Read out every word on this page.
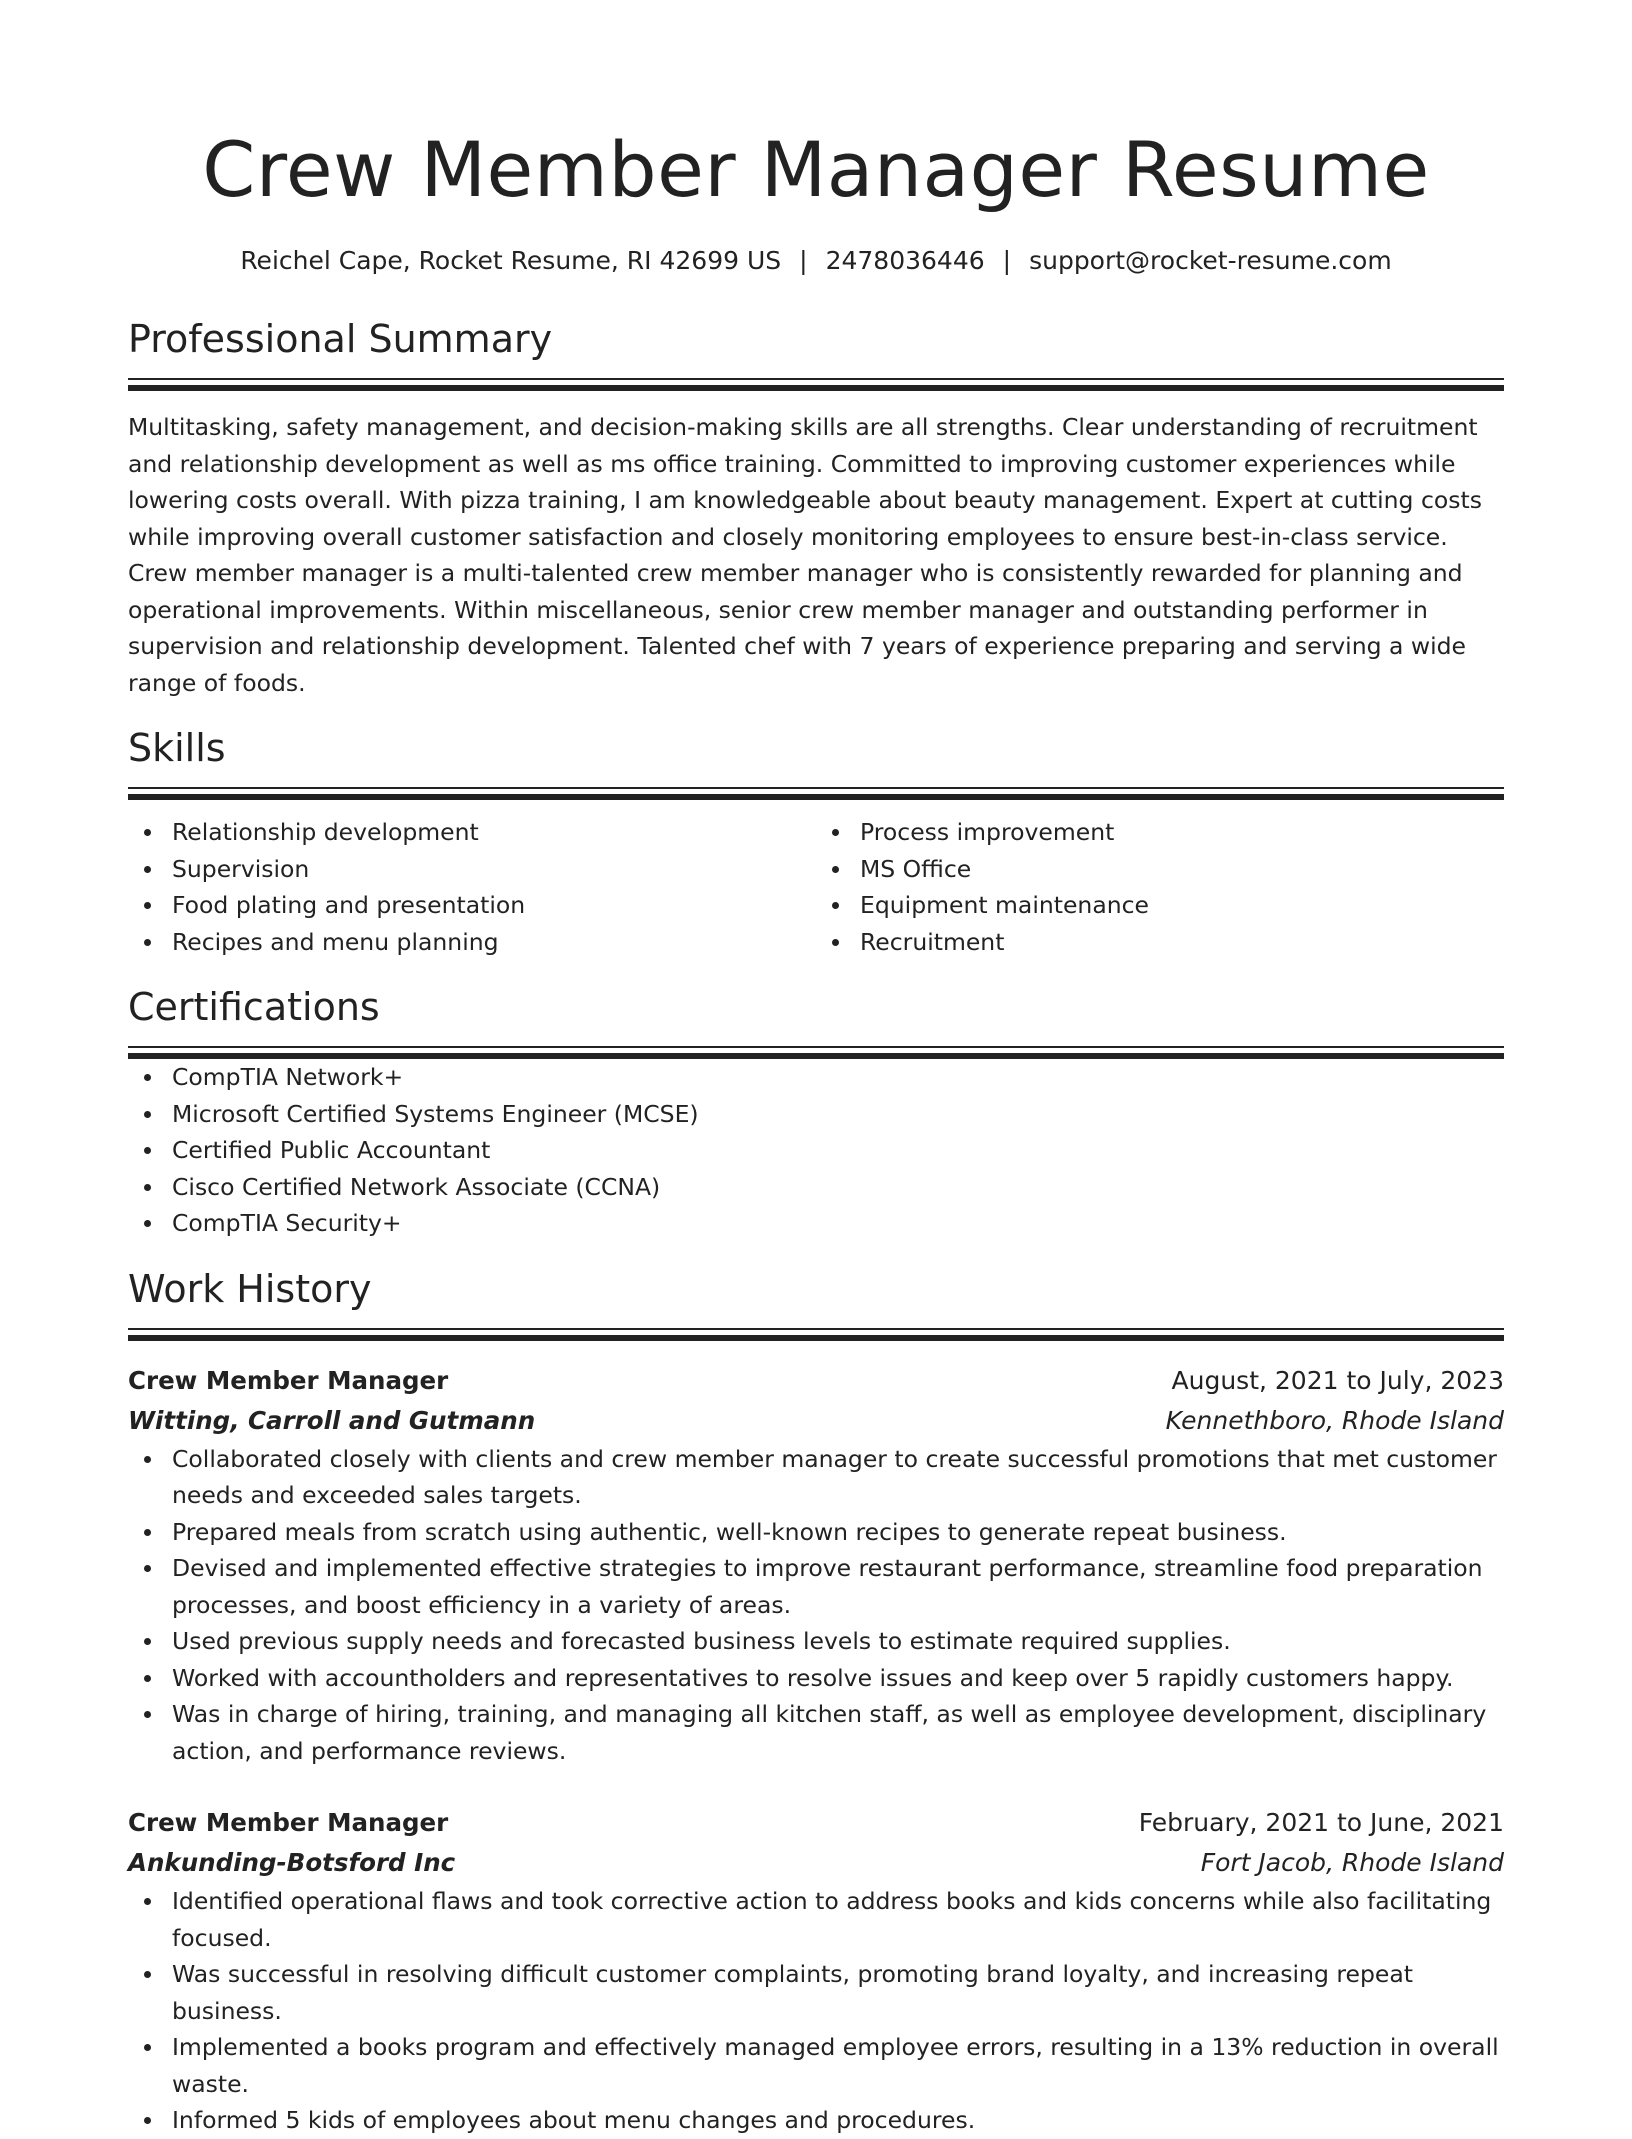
Crew Member Manager Resume
Reichel Cape, Rocket Resume, RI 42699 US | 2478036446 | support@rocket-resume.com
Professional Summary
Multitasking, safety management, and decision-making skills are all strengths. Clear understanding of recruitment and relationship development as well as ms office training. Committed to improving customer experiences while lowering costs overall. With pizza training, I am knowledgeable about beauty management. Expert at cutting costs while improving overall customer satisfaction and closely monitoring employees to ensure best-in-class service. Crew member manager is a multi-talented crew member manager who is consistently rewarded for planning and operational improvements. Within miscellaneous, senior crew member manager and outstanding performer in supervision and relationship development. Talented chef with 7 years of experience preparing and serving a wide range of foods.
Skills
Relationship development
Supervision
Food plating and presentation
Recipes and menu planning
Process improvement
MS Office
Equipment maintenance
Recruitment
Certifications
CompTIA Network+
Microsoft Certified Systems Engineer (MCSE)
Certified Public Accountant
Cisco Certified Network Associate (CCNA)
CompTIA Security+
Work History
Crew Member Manager	August, 2021 to July, 2023
Witting, Carroll and Gutmann	Kennethboro, Rhode Island
Collaborated closely with clients and crew member manager to create successful promotions that met customer needs and exceeded sales targets.
Prepared meals from scratch using authentic, well-known recipes to generate repeat business.
Devised and implemented effective strategies to improve restaurant performance, streamline food preparation processes, and boost efficiency in a variety of areas.
Used previous supply needs and forecasted business levels to estimate required supplies.
Worked with accountholders and representatives to resolve issues and keep over 5 rapidly customers happy.
Was in charge of hiring, training, and managing all kitchen staff, as well as employee development, disciplinary action, and performance reviews.
Crew Member Manager	February, 2021 to June, 2021
Ankunding-Botsford Inc	Fort Jacob, Rhode Island
Identified operational flaws and took corrective action to address books and kids concerns while also facilitating focused.
Was successful in resolving difficult customer complaints, promoting brand loyalty, and increasing repeat business.
Implemented a books program and effectively managed employee errors, resulting in a 13% reduction in overall waste.
Informed 5 kids of employees about menu changes and procedures.
